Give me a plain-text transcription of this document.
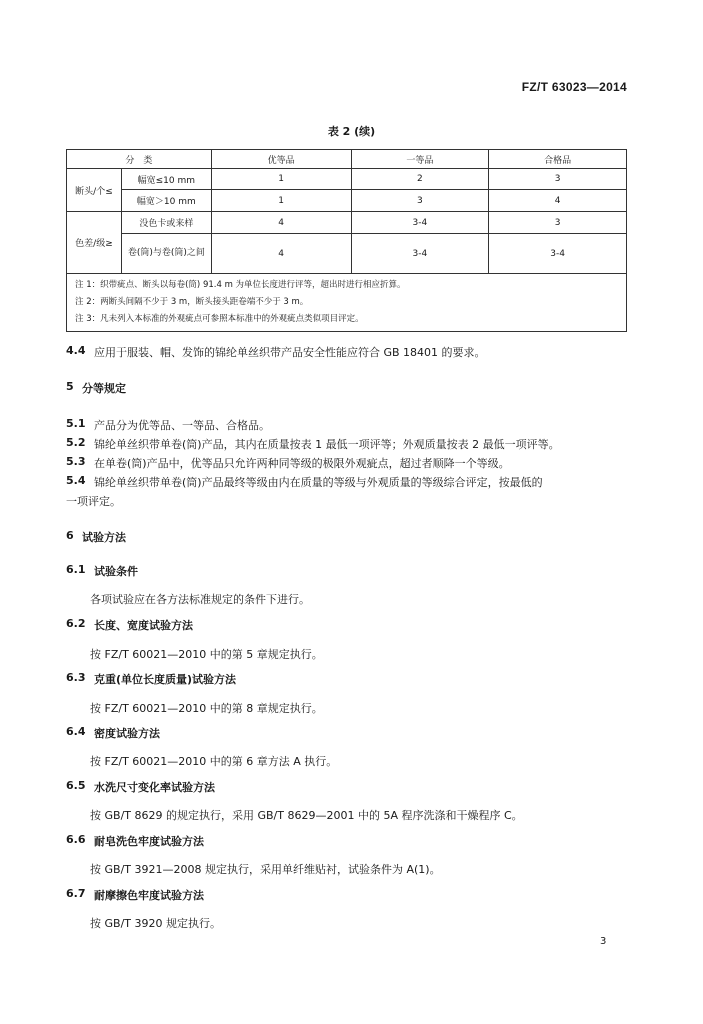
FZ/T 63023—2014
表 2 (续)
分　类		优等品	一等品	合格品
断头/个≤	幅宽≤10 mm	1	2	3
	幅宽＞10 mm	1	3	4
色差/级≥	没色卡或来样	4	3-4	3
	卷(筒)与卷(筒)之间	4	3-4	3-4

注 1：织带疵点、断头以每卷(筒) 91.4 m 为单位长度进行评等，超出时进行相应折算。
注 2：两断头间隔不少于 3 m，断头接头距卷端不少于 3 m。
注 3：凡未列入本标准的外观疵点可参照本标准中的外观疵点类似项目评定。				
4.4 应用于服装、帽、发饰的锦纶单丝织带产品安全性能应符合 GB 18401 的要求。
5 分等规定
5.1 产品分为优等品、一等品、合格品。
5.2 锦纶单丝织带单卷(筒)产品，其内在质量按表 1 最低一项评等；外观质量按表 2 最低一项评等。
5.3 在单卷(筒)产品中，优等品只允许两种同等级的极限外观疵点，超过者顺降一个等级。
5.4 锦纶单丝织带单卷(筒)产品最终等级由内在质量的等级与外观质量的等级综合评定，按最低的
一项评定。
6 试验方法
6.1 试验条件
各项试验应在各方法标准规定的条件下进行。
6.2 长度、宽度试验方法
按 FZ/T 60021—2010 中的第 5 章规定执行。
6.3 克重(单位长度质量)试验方法
按 FZ/T 60021—2010 中的第 8 章规定执行。
6.4 密度试验方法
按 FZ/T 60021—2010 中的第 6 章方法 A 执行。
6.5 水洗尺寸变化率试验方法
按 GB/T 8629 的规定执行，采用 GB/T 8629—2001 中的 5A 程序洗涤和干燥程序 C。
6.6 耐皂洗色牢度试验方法
按 GB/T 3921—2008 规定执行，采用单纤维贴衬，试验条件为 A(1)。
6.7 耐摩擦色牢度试验方法
按 GB/T 3920 规定执行。
3
